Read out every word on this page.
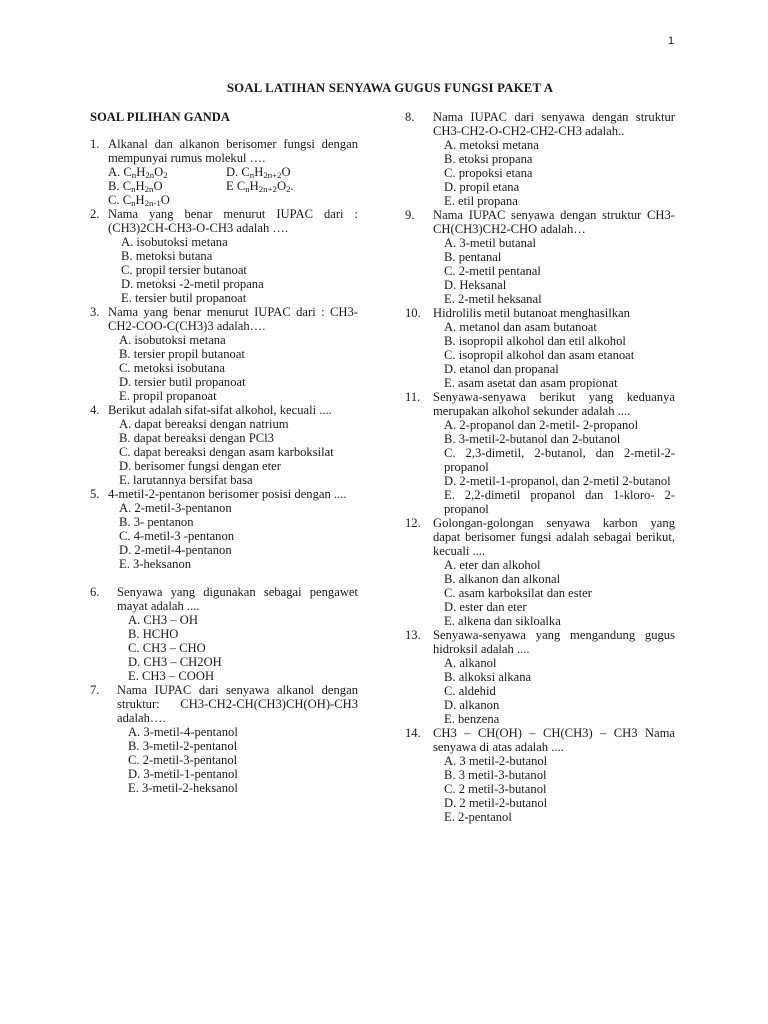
1
SOAL LATIHAN SENYAWA GUGUS FUNGSI PAKET A
SOAL PILIHAN GANDA
1. Alkanal dan alkanon berisomer fungsi dengan mempunyai rumus molekul ….
A. $C_nH_{2n}O_2$	D. $C_nH_{2n+2}O$
B. $C_nH_{2n}O$	E $C_nH_{2n+2}O_2$.
C. $C_nH_{2n-1}O$
2. Nama yang benar menurut IUPAC dari : (CH3)2CH-CH3-O-CH3 adalah ….
A. isobutoksi metana
B. metoksi butana
C. propil tersier butanoat
D. metoksi -2-metil propana
E. tersier butil propanoat
3. Nama yang benar menurut IUPAC dari : CH3-CH2-COO-C(CH3)3 adalah….
A. isobutoksi metana
B. tersier propil butanoat
C. metoksi isobutana
D. tersier butil propanoat
E. propil propanoat
4. Berikut adalah sifat-sifat alkohol, kecuali ....
A. dapat bereaksi dengan natrium
B. dapat bereaksi dengan PCl3
C. dapat bereaksi dengan asam karboksilat
D. berisomer fungsi dengan eter
E. larutannya bersifat basa
5. 4-metil-2-pentanon berisomer posisi dengan ....
A. 2-metil-3-pentanon
B. 3- pentanon
C. 4-metil-3 -pentanon
D. 2-metil-4-pentanon
E. 3-heksanon
6. Senyawa yang digunakan sebagai pengawet mayat adalah ....
A. CH3 – OH
B. HCHO
C. CH3 – CHO
D. CH3 – CH2OH
E. CH3 – COOH
7. Nama IUPAC dari senyawa alkanol dengan struktur: CH3-CH2-CH(CH3)CH(OH)-CH3 adalah….
A. 3-metil-4-pentanol
B. 3-metil-2-pentanol
C. 2-metil-3-pentanol
D. 3-metil-1-pentanol
E. 3-metil-2-heksanol
8. Nama IUPAC dari senyawa dengan struktur CH3-CH2-O-CH2-CH2-CH3 adalah..
A. metoksi metana
B. etoksi propana
C. propoksi etana
D. propil etana
E. etil propana
9. Nama IUPAC senyawa dengan struktur CH3-CH(CH3)CH2-CHO adalah…
A. 3-metil butanal
B. pentanal
C. 2-metil pentanal
D. Heksanal
E. 2-metil heksanal
10. Hidrolilis metil butanoat menghasilkan
A. metanol dan asam butanoat
B. isopropil alkohol dan etil alkohol
C. isopropil alkohol dan asam etanoat
D. etanol dan propanal
E. asam asetat dan asam propionat
11. Senyawa-senyawa berikut yang keduanya merupakan alkohol sekunder adalah ....
A. 2-propanol dan 2-metil- 2-propanol
B. 3-metil-2-butanol dan 2-butanol
C. 2,3-dimetil, 2-butanol, dan 2-metil-2-propanol
D. 2-metil-1-propanol, dan 2-metil 2-butanol
E. 2,2-dimetil propanol dan 1-kloro- 2-propanol
12. Golongan-golongan senyawa karbon yang dapat berisomer fungsi adalah sebagai berikut, kecuali ....
A. eter dan alkohol
B. alkanon dan alkonal
C. asam karboksilat dan ester
D. ester dan eter
E. alkena dan sikloalka
13. Senyawa-senyawa yang mengandung gugus hidroksil adalah ....
A. alkanol
B. alkoksi alkana
C. aldehid
D. alkanon
E. benzena
14. CH3 – CH(OH) – CH(CH3) – CH3 Nama senyawa di atas adalah ....
A. 3 metil-2-butanol
B. 3 metil-3-butanol
C. 2 metil-3-butanol
D. 2 metil-2-butanol
E. 2-pentanol
